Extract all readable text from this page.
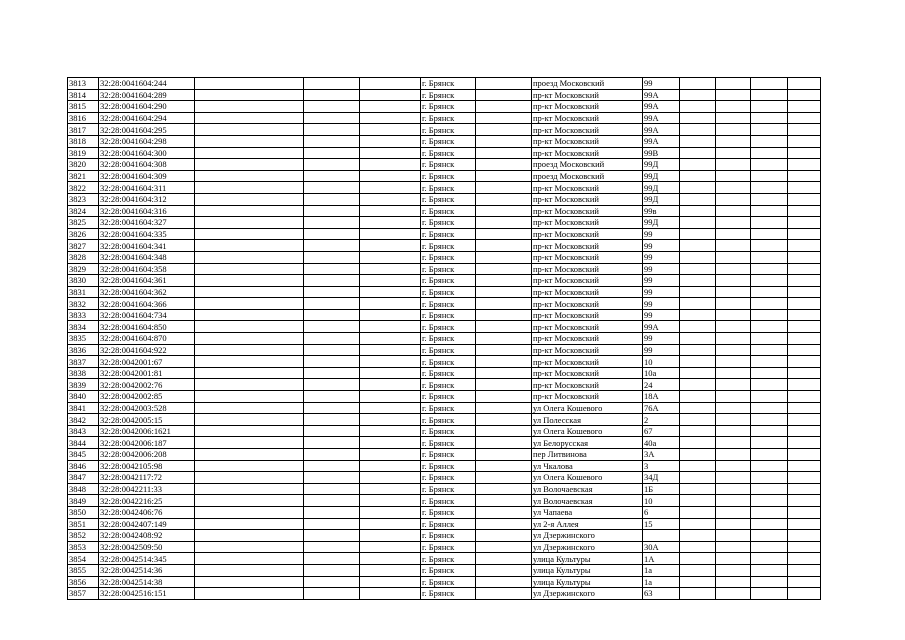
3813	32:28:0041604:244				г. Брянск		проезд Московский	99				
3814	32:28:0041604:289				г. Брянск		пр-кт Московский	99А				
3815	32:28:0041604:290				г. Брянск		пр-кт Московский	99А				
3816	32:28:0041604:294				г. Брянск		пр-кт Московский	99А				
3817	32:28:0041604:295				г. Брянск		пр-кт Московский	99А				
3818	32:28:0041604:298				г. Брянск		пр-кт Московский	99А				
3819	32:28:0041604:300				г. Брянск		пр-кт Московский	99В				
3820	32:28:0041604:308				г. Брянск		проезд Московский	99Д				
3821	32:28:0041604:309				г. Брянск		проезд Московский	99Д				
3822	32:28:0041604:311				г. Брянск		пр-кт Московский	99Д				
3823	32:28:0041604:312				г. Брянск		пр-кт Московский	99Д				
3824	32:28:0041604:316				г. Брянск		пр-кт Московский	99в				
3825	32:28:0041604:327				г. Брянск		пр-кт Московский	99Д				
3826	32:28:0041604:335				г. Брянск		пр-кт Московский	99				
3827	32:28:0041604:341				г. Брянск		пр-кт Московский	99				
3828	32:28:0041604:348				г. Брянск		пр-кт Московский	99				
3829	32:28:0041604:358				г. Брянск		пр-кт Московский	99				
3830	32:28:0041604:361				г. Брянск		пр-кт Московский	99				
3831	32:28:0041604:362				г. Брянск		пр-кт Московский	99				
3832	32:28:0041604:366				г. Брянск		пр-кт Московский	99				
3833	32:28:0041604:734				г. Брянск		пр-кт Московский	99				
3834	32:28:0041604:850				г. Брянск		пр-кт Московский	99А				
3835	32:28:0041604:870				г. Брянск		пр-кт Московский	99				
3836	32:28:0041604:922				г. Брянск		пр-кт Московский	99				
3837	32:28:0042001:67				г. Брянск		пр-кт Московский	10				
3838	32:28:0042001:81				г. Брянск		пр-кт Московский	10а				
3839	32:28:0042002:76				г. Брянск		пр-кт Московский	24				
3840	32:28:0042002:85				г. Брянск		пр-кт Московский	18А				
3841	32:28:0042003:528				г. Брянск		ул Олега Кошевого	76А				
3842	32:28:0042005:15				г. Брянск		ул Полесская	2				
3843	32:28:0042006:1621				г. Брянск		ул Олега Кошевого	67				
3844	32:28:0042006:187				г. Брянск		ул Белорусская	40а				
3845	32:28:0042006:208				г. Брянск		пер Литвинова	3А				
3846	32:28:0042105:98				г. Брянск		ул Чкалова	3				
3847	32:28:0042117:72				г. Брянск		ул Олега Кошевого	34Д				
3848	32:28:0042211:33				г. Брянск		ул Волочаевская	1Б				
3849	32:28:0042216:25				г. Брянск		ул Волочаевская	10				
3850	32:28:0042406:76				г. Брянск		ул Чапаева	6				
3851	32:28:0042407:149				г. Брянск		ул 2-я Аллея	15				
3852	32:28:0042408:92				г. Брянск		ул Дзержинского					
3853	32:28:0042509:50				г. Брянск		ул Дзержинского	30А				
3854	32:28:0042514:345				г. Брянск		улица Культуры	1А				
3855	32:28:0042514:36				г. Брянск		улица Культуры	1а				
3856	32:28:0042514:38				г. Брянск		улица Культуры	1а				
3857	32:28:0042516:151				г. Брянск		ул Дзержинского	63				
